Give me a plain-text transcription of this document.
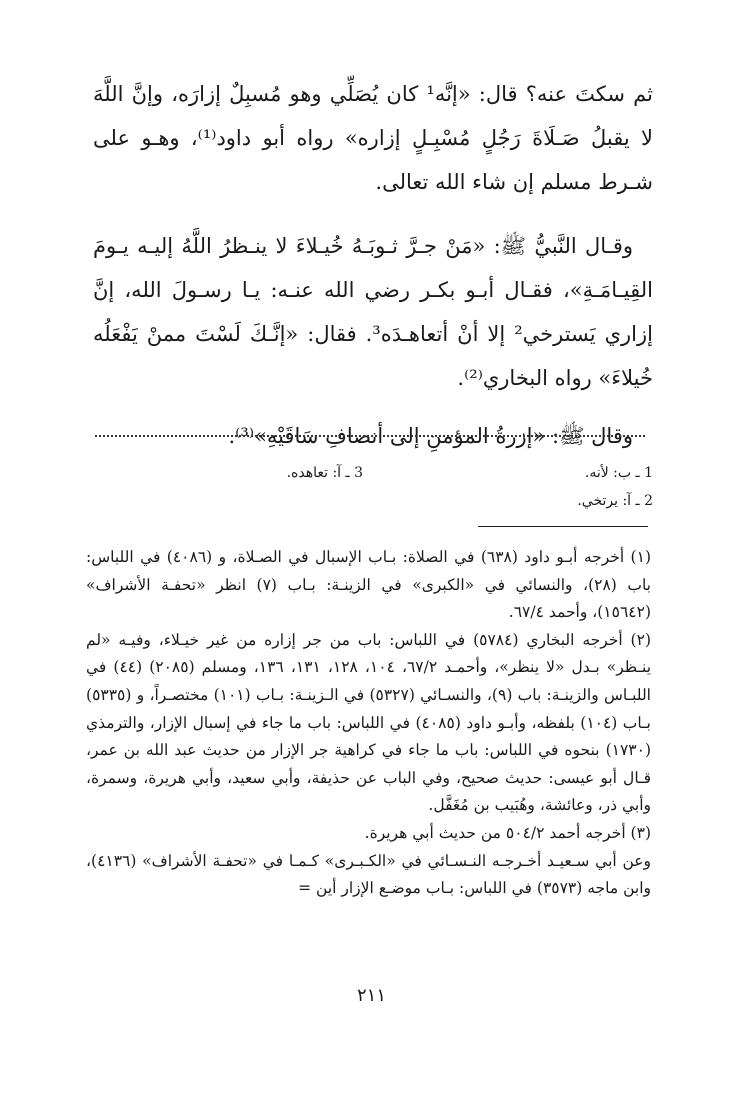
ثم سكتَ عنه؟ قال: «إنَّه¹ كان يُصَلِّي وهو مُسبِلٌ إزارَه، وإنَّ اللَّهَ لا يقبلُ صَـلَاةَ رَجُلٍ مُسْبِـلٍ إزاره» رواه أبو داود⁽¹⁾، وهـو على شـرط مسلم إن شاء الله تعالى.

وقـال النَّبيُّ ﷺ: «مَنْ جـرَّ ثـوبَـهُ خُيـلاءَ لا ينـظرُ اللَّهُ إليـه يـومَ القِيـامَـةِ»، فقـال أبـو بكـر رضي الله عنـه: يـا رسـولَ الله، إنَّ إزاري يَسترخي² إلا أنْ أتعاهـدَه³. فقال: «إنَّـكَ لَسْتَ ممنْ يَفْعَلُه خُيلاءَ» رواه البخاري⁽²⁾.

وقال ﷺ: «إزرةُ المؤمنِ إلى أنصافِ سَاقَيْهِ»⁽³⁾.

1 ـ ب: لأنه.
3 ـ آ: تعاهده.
2 ـ آ: يرتخي.

(١) أخرجه أبـو داود (٦٣٨) في الصلاة: بـاب الإسبال في الصـلاة، و (٤٠٨٦) في اللباس: باب (٢٨)، والنسائي في «الكبرى» في الزينـة: بـاب (٧) انظر «تحفـة الأشراف» (١٥٦٤٢)، وأحمد ٦٧/٤.

(٢) أخرجه البخاري (٥٧٨٤) في اللباس: باب من جر إزاره من غير خيـلاء، وفيـه «لم ينـظر» بـدل «لا ينظر»، وأحمـد ٦٧/٢، ١٠٤، ١٢٨، ١٣١، ١٣٦، ومسلم (٢٠٨٥) (٤٤) في اللبـاس والزينـة: باب (٩)، والنسـائي (٥٣٢٧) في الـزينـة: بـاب (١٠١) مختصـراً، و (٥٣٣٥) بـاب (١٠٤) بلفظه، وأبـو داود (٤٠٨٥) في اللباس: باب ما جاء في إسبال الإزار، والترمذي (١٧٣٠) بنحوه في اللباس: باب ما جاء في كراهية جر الإزار من حديث عبد الله بن عمر، قـال أبو عيسى: حديث صحيح، وفي الباب عن حذيفة، وأبي سعيد، وأبي هريرة، وسمرة، وأبي ذر، وعائشة، وهُبَيب بن مُغَفَّل.

(٣) أخرجه أحمد ٥٠٤/٢ من حديث أبي هريرة.

وعن أبي سـعيـد أخـرجـه النـسـائي في «الكـبـرى» كـمـا في «تحفـة الأشراف» (٤١٣٦)، وابن ماجه (٣٥٧٣) في اللباس: بـاب موضـع الإزار أين =

٢١١
